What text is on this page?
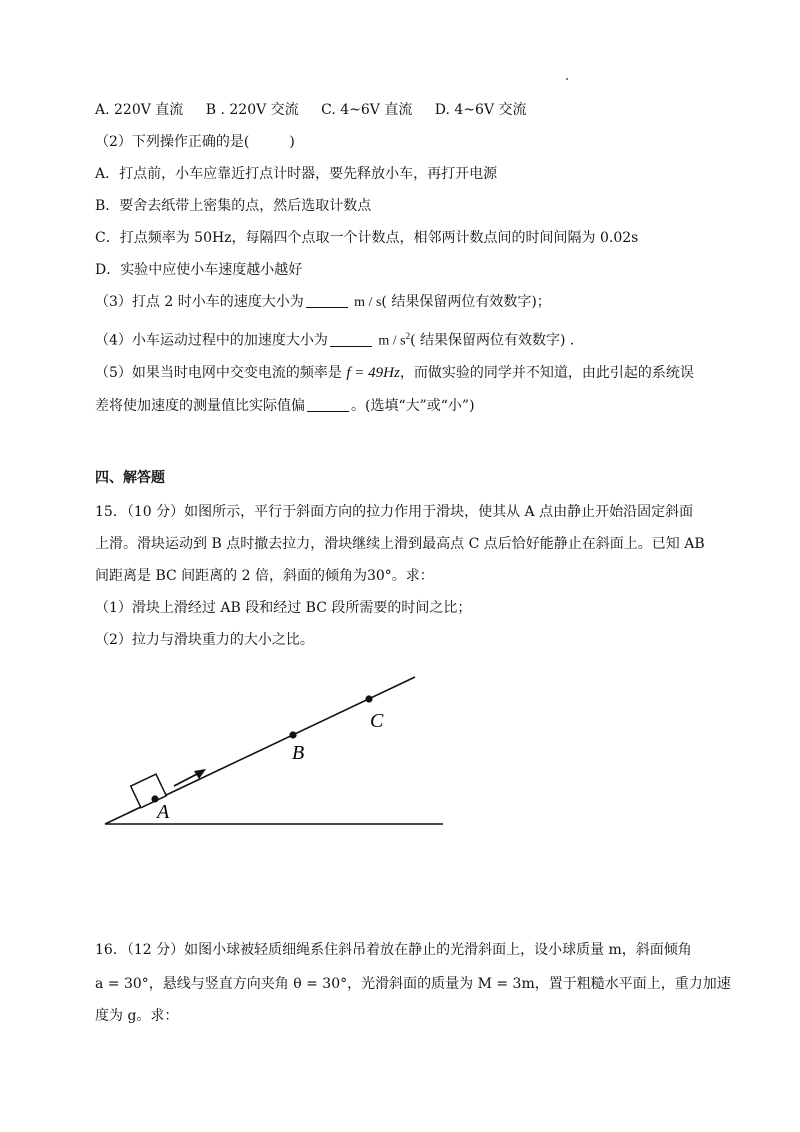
A. 220V 直流 B . 220V 交流 C. 4~6V 直流 D. 4~6V 交流
（2）下列操作正确的是(	)
A．打点前，小车应靠近打点计时器，要先释放小车，再打开电源
B．要舍去纸带上密集的点，然后选取计数点
C．打点频率为 50Hz，每隔四个点取一个计数点，相邻两计数点间的时间间隔为 0.02s
D．实验中应使小车速度越小越好
（3）打点 2 时小车的速度大小为	m / s( 结果保留两位有效数字)；
（4）小车运动过程中的加速度大小为	m / $s^2$( 结果保留两位有效数字) .
（5）如果当时电网中交变电流的频率是 f = 49Hz，而做实验的同学并不知道，由此引起的系统误
差将使加速度的测量值比实际值偏	。(选填“大”或“小”)
四、解答题
15．（10 分）如图所示，平行于斜面方向的拉力作用于滑块，使其从 A 点由静止开始沿固定斜面
上滑。滑块运动到 B 点时撤去拉力，滑块继续上滑到最高点 C 点后恰好能静止在斜面上。已知 AB
间距离是 BC 间距离的 2 倍，斜面的倾角为30°。求：
（1）滑块上滑经过 AB 段和经过 BC 段所需要的时间之比；
（2）拉力与滑块重力的大小之比。
A
B
C
16．（12 分）如图小球被轻质细绳系住斜吊着放在静止的光滑斜面上，设小球质量 m，斜面倾角
a = 30°，悬线与竖直方向夹角 θ = 30°，光滑斜面的质量为 M = 3m，置于粗糙水平面上，重力加速
度为 g。求：
